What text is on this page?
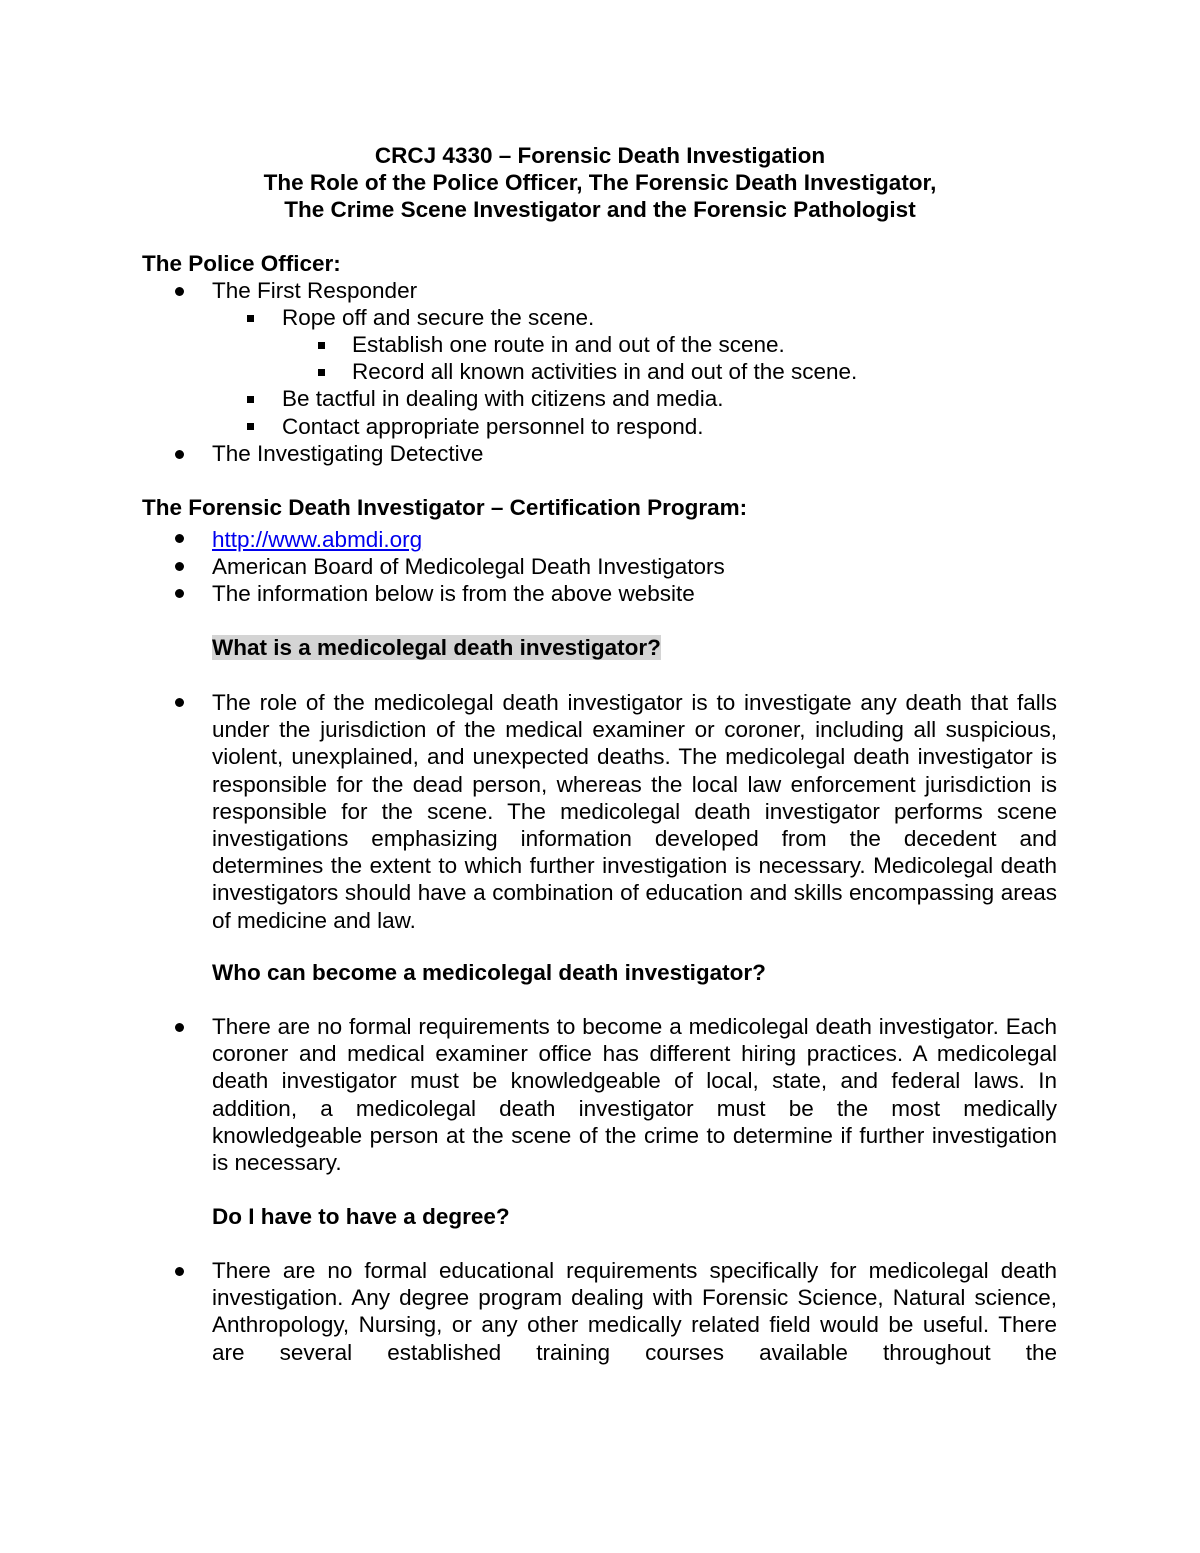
CRCJ 4330 – Forensic Death Investigation
The Role of the Police Officer, The Forensic Death Investigator,
The Crime Scene Investigator and the Forensic Pathologist
The Police Officer:
The First Responder
Rope off and secure the scene.
Establish one route in and out of the scene.
Record all known activities in and out of the scene.
Be tactful in dealing with citizens and media.
Contact appropriate personnel to respond.
The Investigating Detective
The Forensic Death Investigator – Certification Program:
http://www.abmdi.org
American Board of Medicolegal Death Investigators
The information below is from the above website
What is a medicolegal death investigator?

The role of the medicolegal death investigator is to investigate any death that falls under the jurisdiction of the medical examiner or coroner, including all suspicious, violent, unexplained, and unexpected deaths. The medicolegal death investigator is responsible for the dead person, whereas the local law enforcement jurisdiction is responsible for the scene. The medicolegal death investigator performs scene investigations emphasizing information developed from the decedent and determines the extent to which further investigation is necessary. Medicolegal death investigators should have a combination of education and skills encompassing areas of medicine and law.

Who can become a medicolegal death investigator?

There are no formal requirements to become a medicolegal death investigator. Each coroner and medical examiner office has different hiring practices. A medicolegal death investigator must be knowledgeable of local, state, and federal laws. In addition, a medicolegal death investigator must be the most medically knowledgeable person at the scene of the crime to determine if further investigation is necessary.

Do I have to have a degree?

There are no formal educational requirements specifically for medicolegal death investigation. Any degree program dealing with Forensic Science, Natural science, Anthropology, Nursing, or any other medically related field would be useful. There are several established training courses available throughout the
